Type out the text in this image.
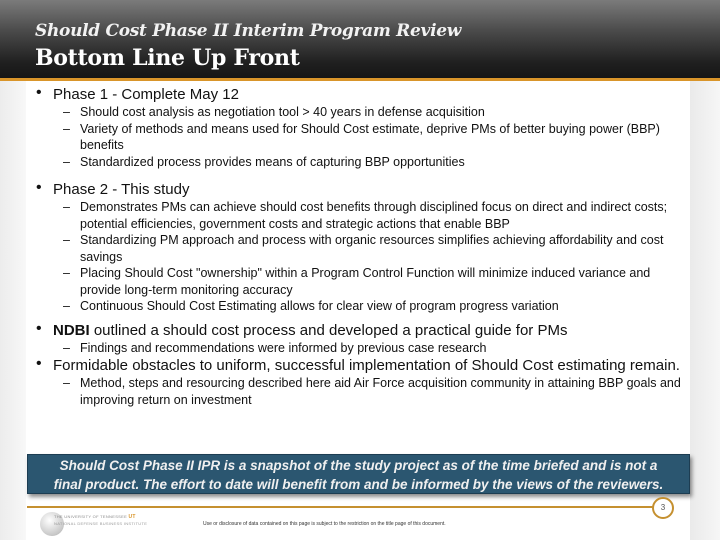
Should Cost Phase II Interim Program Review
Bottom Line Up Front
• Phase 1 - Complete May 12
– Should cost analysis as negotiation tool > 40 years in defense acquisition
– Variety of methods and means used for Should Cost estimate, deprive PMs of better buying power (BBP) benefits
– Standardized process provides means of capturing BBP opportunities
• Phase 2 - This study
– Demonstrates PMs can achieve should cost benefits through disciplined focus on direct and indirect costs; potential efficiencies, government costs and strategic actions that enable BBP
– Standardizing PM approach and process with organic resources simplifies achieving affordability and cost savings
– Placing Should Cost "ownership" within a Program Control Function will minimize induced variance and provide long-term monitoring accuracy
– Continuous Should Cost Estimating allows for clear view of program progress variation
• NDBI outlined a should cost process and developed a practical guide for PMs
– Findings and recommendations were informed by previous case research
• Formidable obstacles to uniform, successful implementation of Should Cost estimating remain.
– Method, steps and resourcing described here aid Air Force acquisition community in attaining BBP goals and improving return on investment
Should Cost Phase II IPR is a snapshot of the study project as of the time briefed and is not a
final product. The effort to date will benefit from and be informed by the views of the reviewers.
3
THE UNIVERSITY OF TENNESSEE UT
NATIONAL DEFENSE BUSINESS INSTITUTE	Use or disclosure of data contained on this page is subject to the restriction on the title page of this document.
